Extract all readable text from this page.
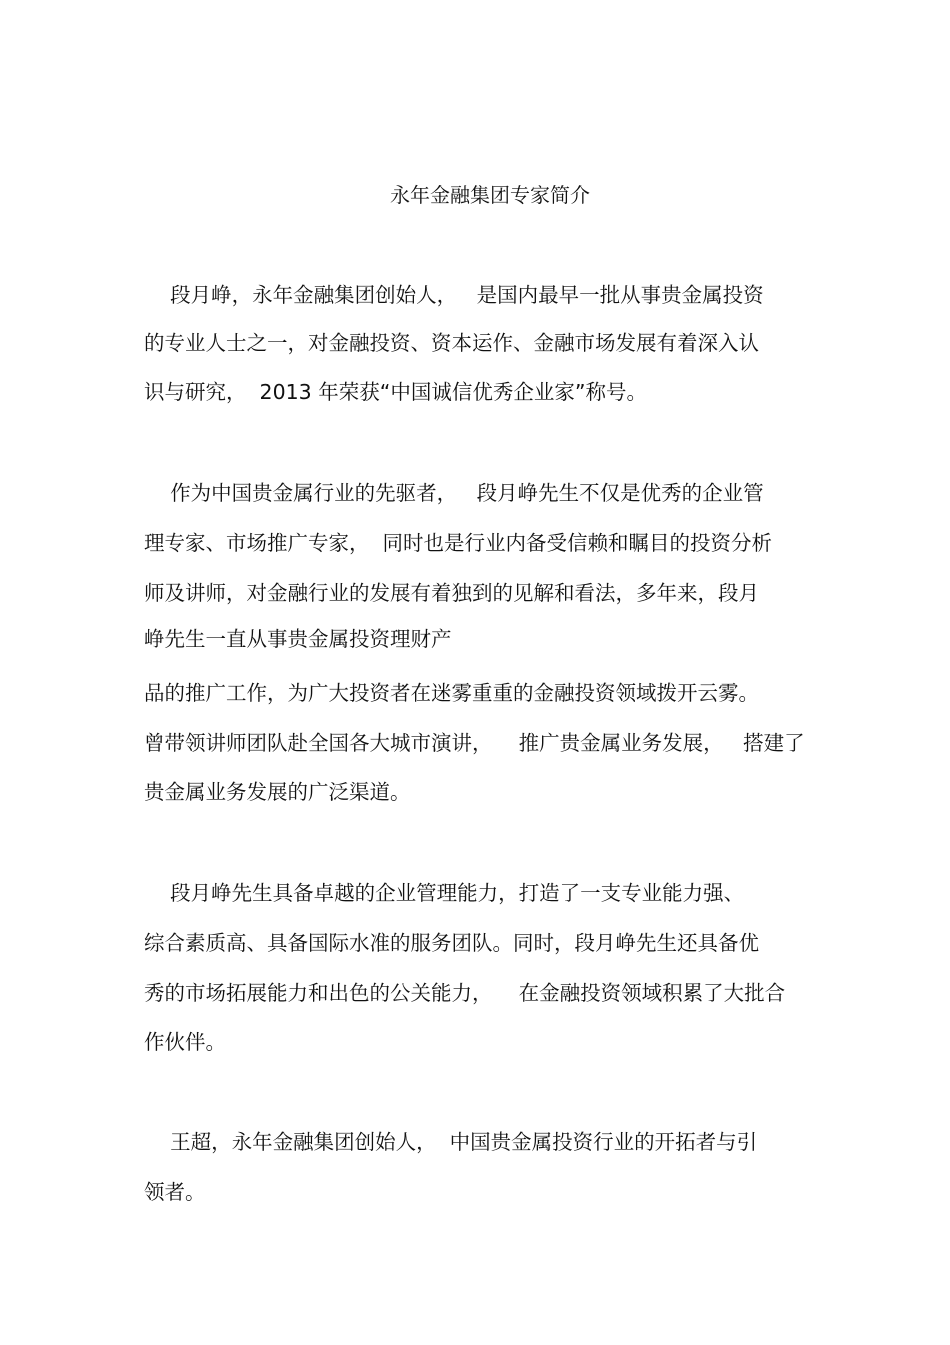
永年金融集团专家简介
段月峥，永年金融集团创始人，   是国内最早一批从事贵金属投资
的专业人士之一，对金融投资、资本运作、金融市场发展有着深入认
识与研究，  2013 年荣获“中国诚信优秀企业家”称号。
作为中国贵金属行业的先驱者，   段月峥先生不仅是优秀的企业管
理专家、市场推广专家，  同时也是行业内备受信赖和瞩目的投资分析
师及讲师，对金融行业的发展有着独到的见解和看法，多年来，段月
峥先生一直从事贵金属投资理财产
品的推广工作，为广大投资者在迷雾重重的金融投资领域拨开云雾。
曾带领讲师团队赴全国各大城市演讲，    推广贵金属业务发展，   搭建了
贵金属业务发展的广泛渠道。
段月峥先生具备卓越的企业管理能力，打造了一支专业能力强、
综合素质高、具备国际水准的服务团队。同时，段月峥先生还具备优
秀的市场拓展能力和出色的公关能力，    在金融投资领域积累了大批合
作伙伴。
王超，永年金融集团创始人，  中国贵金属投资行业的开拓者与引
领者。
